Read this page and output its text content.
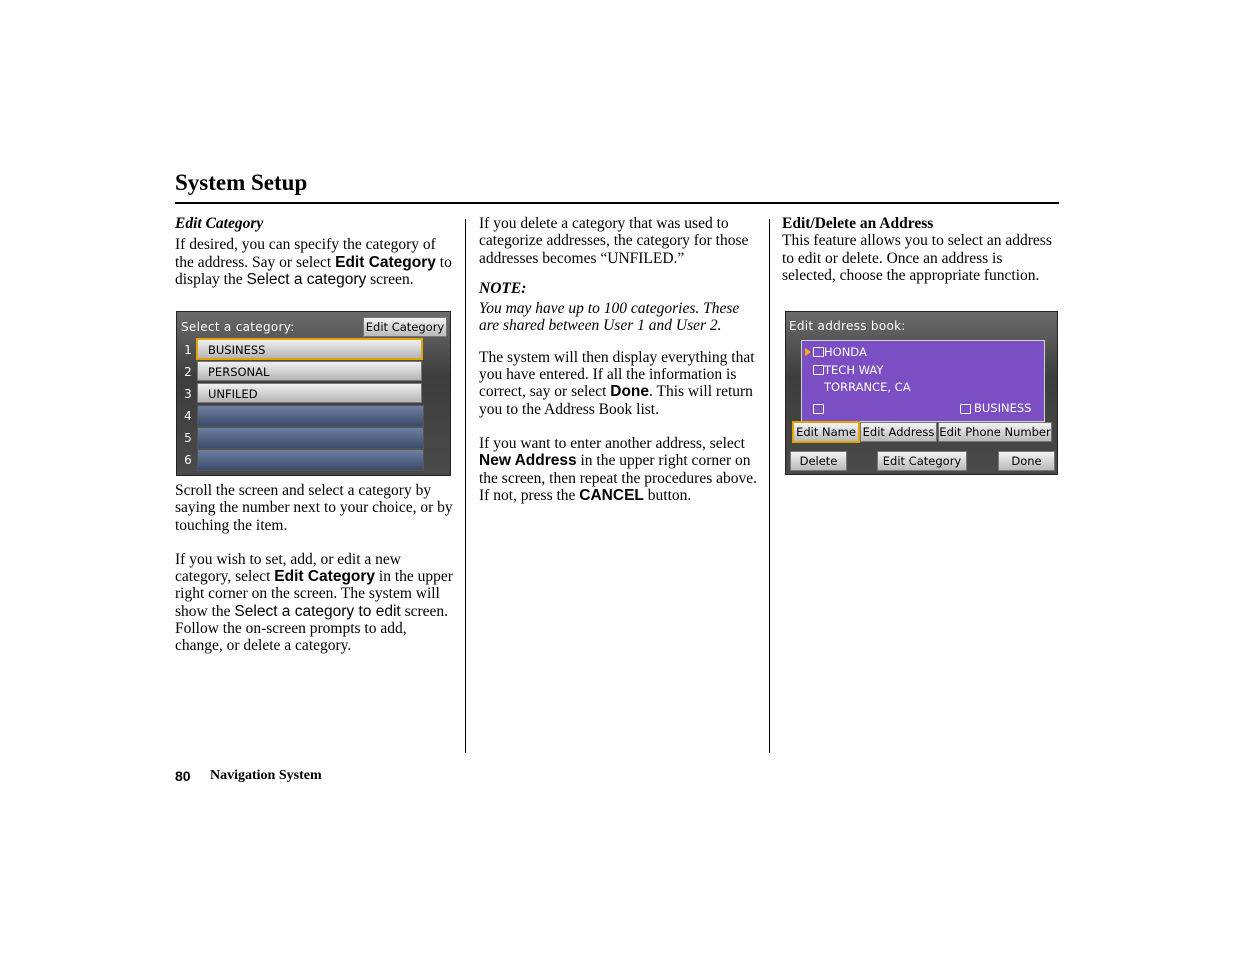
System Setup

Edit Category

If desired, you can specify the category of the address. Say or select Edit Category to display the Select a category screen.

Select a category:	Edit Category
1	BUSINESS
2	PERSONAL
3	UNFILED
4
5
6

Scroll the screen and select a category by saying the number next to your choice, or by touching the item.

If you wish to set, add, or edit a new category, select Edit Category in the upper right corner on the screen. The system will show the Select a category to edit screen. Follow the on-screen prompts to add, change, or delete a category.

If you delete a category that was used to categorize addresses, the category for those addresses becomes “UNFILED.”

NOTE:

You may have up to 100 categories. These are shared between User 1 and User 2.

The system will then display everything that you have entered. If all the information is correct, say or select Done. This will return you to the Address Book list.

If you want to enter another address, select New Address in the upper right corner on the screen, then repeat the procedures above. If not, press the CANCEL button.

Edit/Delete an Address

This feature allows you to select an address to edit or delete. Once an address is selected, choose the appropriate function.

Edit address book:
HONDA
TECH WAY
TORRANCE, CA
BUSINESS
Edit Name Edit Address Edit Phone Number
Delete	Edit Category	Done
80 Navigation System
